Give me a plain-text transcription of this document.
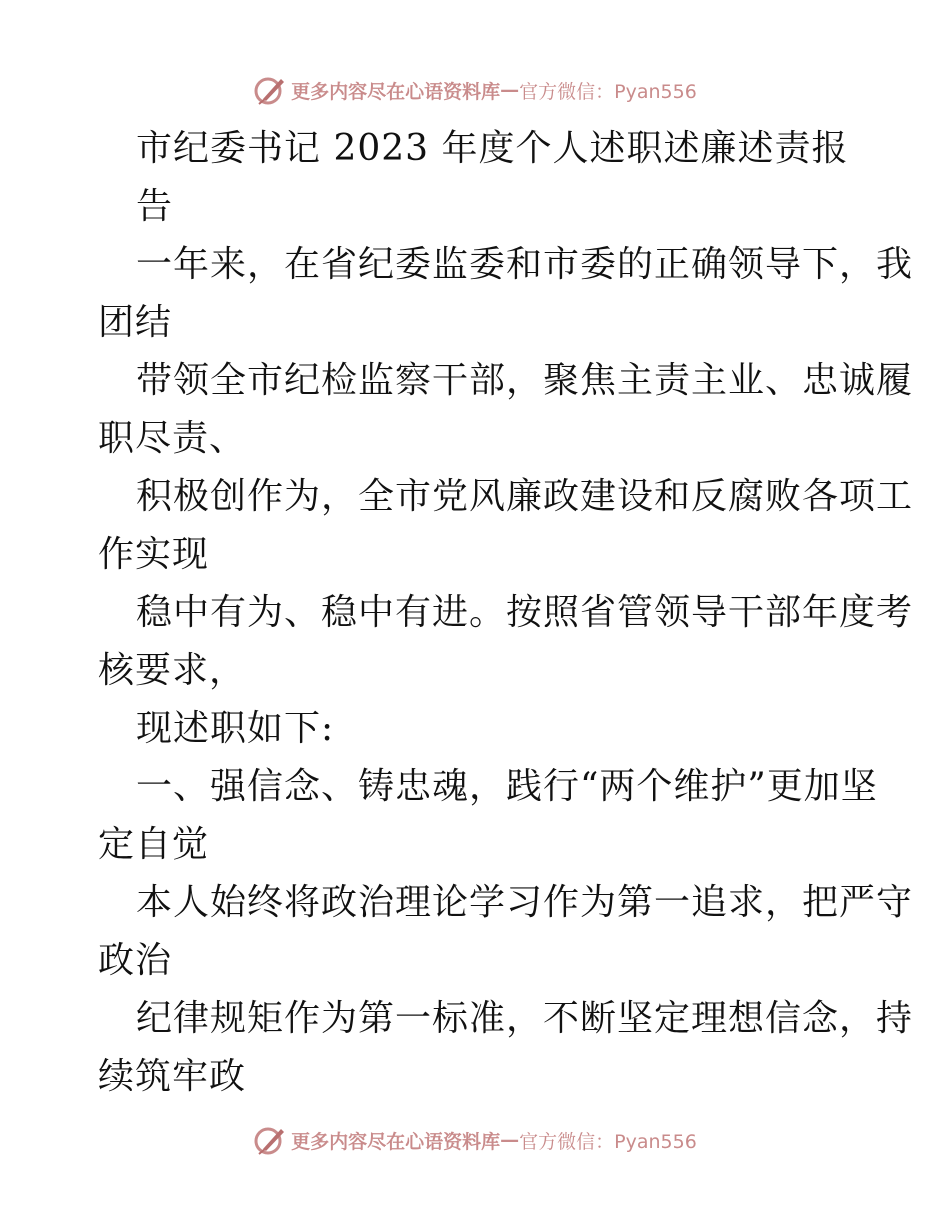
更多内容尽在心语资料库 — 官方微信：Pyan556
市纪委书记 2023 年度个人述职述廉述责报
告
一年来，在省纪委监委和市委的正确领导下，我
团结
带领全市纪检监察干部，聚焦主责主业、忠诚履
职尽责、
积极创作为，全市党风廉政建设和反腐败各项工
作实现
稳中有为、稳中有进。按照省管领导干部年度考
核要求，
现述职如下:
一、强信念、铸忠魂，践行“两个维护”更加坚
定自觉
本人始终将政治理论学习作为第一追求，把严守
政治
纪律规矩作为第一标准，不断坚定理想信念，持
续筑牢政
更多内容尽在心语资料库 — 官方微信：Pyan556
